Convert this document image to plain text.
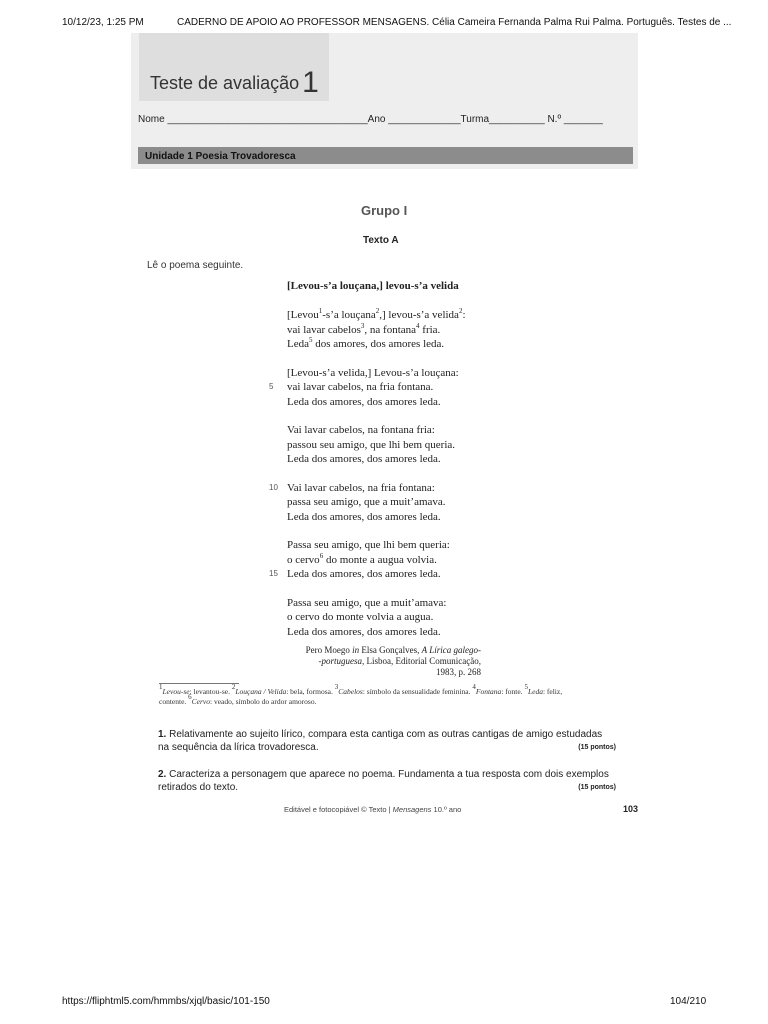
10/12/23, 1:25 PM	CADERNO DE APOIO AO PROFESSOR MENSAGENS. Célia Cameira Fernanda Palma Rui Palma. Português. Testes de ...
Teste de avaliação 1
Nome ____________________________________Ano _____________Turma__________ N.º _______
Unidade 1 Poesia Trovadoresca
Grupo I
Texto A
Lê o poema seguinte.
[Levou-s’a louçana,] levou-s’a velida
[Levou$^1$-s’a louçana$^2$,] levou-s’a velida$^2$:
vai lavar cabelos$^3$, na fontana$^4$ fria.
Leda$^5$ dos amores, dos amores leda.
[Levou-s’a velida,] Levou-s’a louçana:
5 vai lavar cabelos, na fria fontana.
Leda dos amores, dos amores leda.
Vai lavar cabelos, na fontana fria:
passou seu amigo, que lhi bem queria.
Leda dos amores, dos amores leda.
10 Vai lavar cabelos, na fria fontana:
passa seu amigo, que a muit’amava.
Leda dos amores, dos amores leda.
Passa seu amigo, que lhi bem queria:
o cervo$^6$ do monte a augua volvia.
15 Leda dos amores, dos amores leda.
Passa seu amigo, que a muit’amava:
o cervo do monte volvia a augua.
Leda dos amores, dos amores leda.
Pero Moego in Elsa Gonçalves, A Lírica galego-
-portuguesa, Lisboa, Editorial Comunicação,
1983, p. 268
$^1$Levou-se: levantou-se. $^2$Louçana / Velida: bela, formosa. $^3$Cabelos: símbolo da sensualidade feminina. $^4$Fontana: fonte. $^5$Leda: feliz,
contente. $^6$Cervo: veado, símbolo do ardor amoroso.
1. Relativamente ao sujeito lírico, compara esta cantiga com as outras cantigas de amigo estudadas na sequência da lírica trovadoresca.	(15 pontos)
2. Caracteriza a personagem que aparece no poema. Fundamenta a tua resposta com dois exemplos retirados do texto.	(15 pontos)
Editável e fotocopiável © Texto | Mensagens 10.º ano	103
https://fliphtml5.com/hmmbs/xjql/basic/101-150	104/210
